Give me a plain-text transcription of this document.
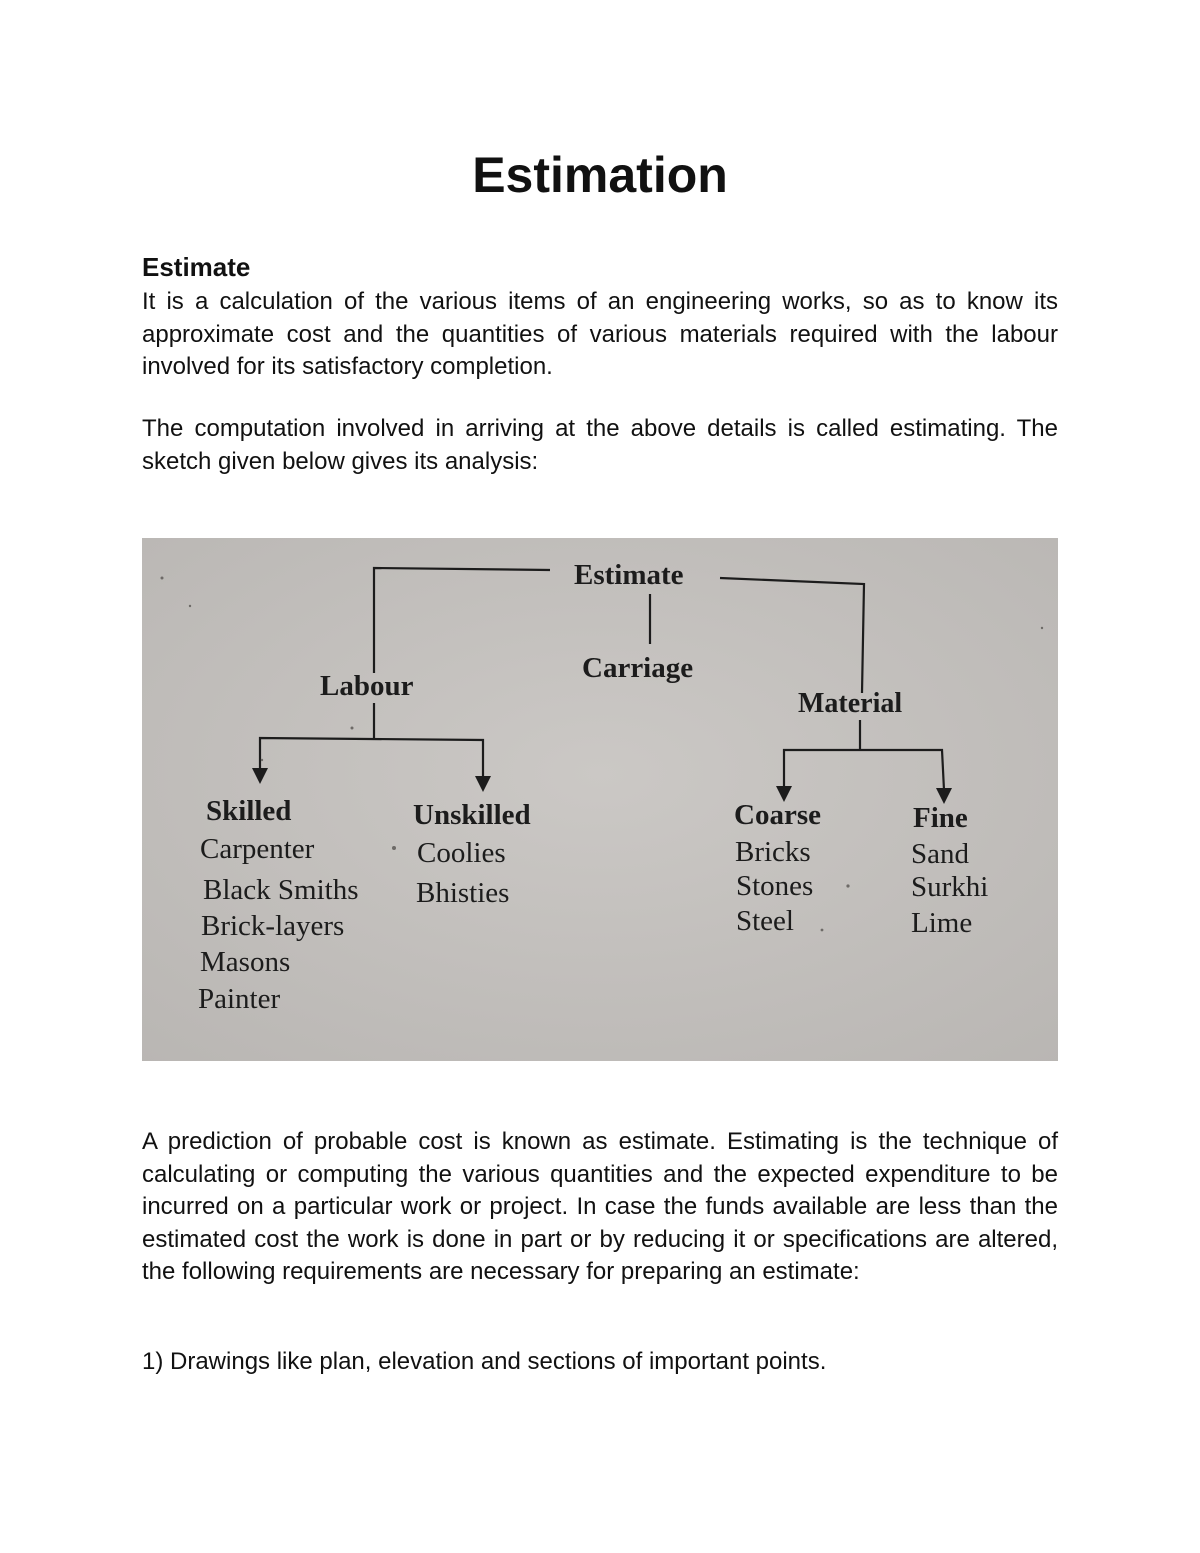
Estimation
Estimate

It is a calculation of the various items of an engineering works, so as to know its approximate cost and the quantities of various materials required with the labour involved for its satisfactory completion.

The computation involved in arriving at the above details is called estimating. The sketch given below gives its analysis:

Estimate
Carriage
Labour
Material
Skilled
Carpenter
Black Smiths
Brick-layers
Masons
Painter
Unskilled
Coolies
Bhisties
Coarse
Bricks
Stones
Steel
Fine
Sand
Surkhi
Lime

A prediction of probable cost is known as estimate. Estimating is the technique of calculating or computing the various quantities and the expected expenditure to be incurred on a particular work or project. In case the funds available are less than the estimated cost the work is done in part or by reducing it or specifications are altered, the following requirements are necessary for preparing an estimate:

1) Drawings like plan, elevation and sections of important points.
